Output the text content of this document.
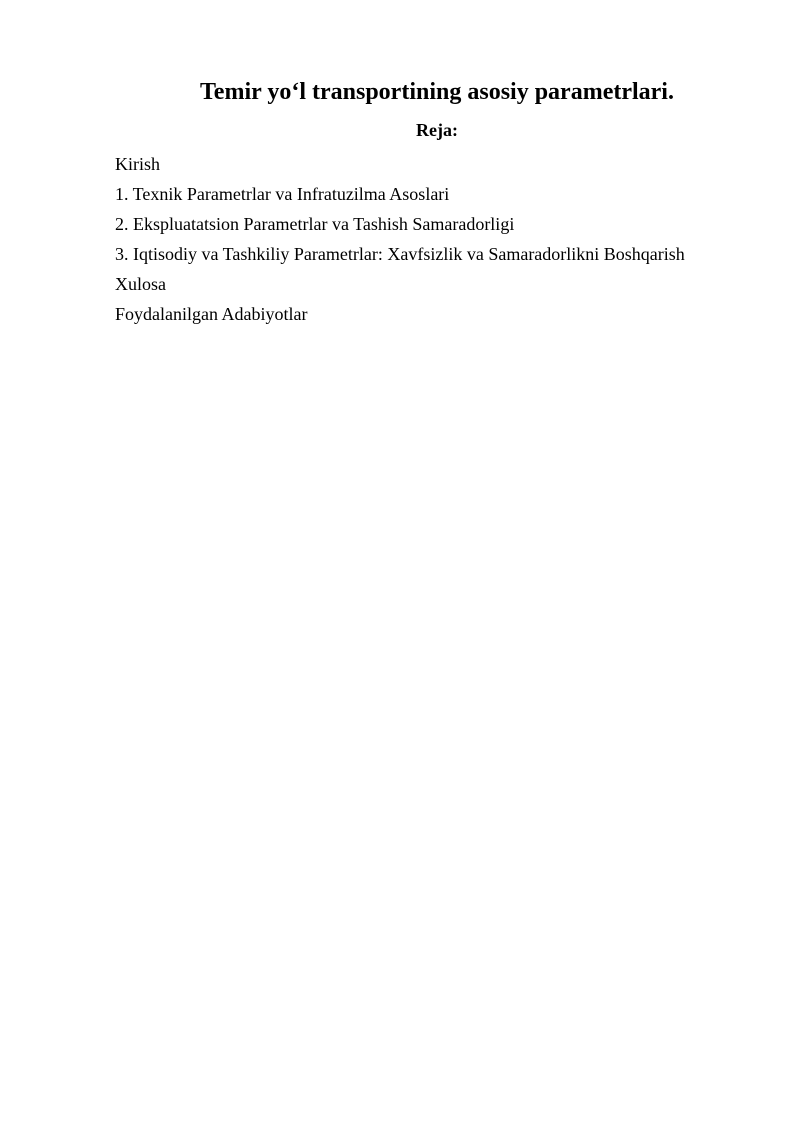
Temir yo‘l transportining asosiy parametrlari.
Reja:
Kirish
1. Texnik Parametrlar va Infratuzilma Asoslari
2. Ekspluatatsion Parametrlar va Tashish Samaradorligi
3. Iqtisodiy va Tashkiliy Parametrlar: Xavfsizlik va Samaradorlikni Boshqarish
Xulosa
Foydalanilgan Adabiyotlar
